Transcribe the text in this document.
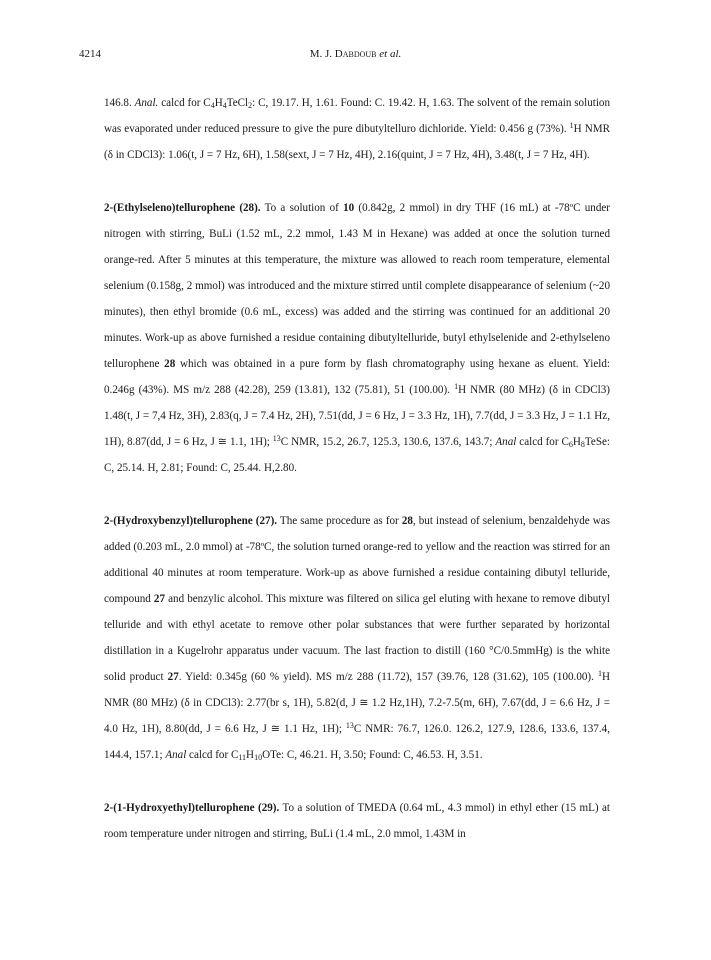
4214	M. J. Dabdoub et al.

146.8. Anal. calcd for $C_4H_4TeCl_2$: C, 19.17. H, 1.61. Found: C. 19.42. H, 1.63. The solvent of the remain solution was evaporated under reduced pressure to give the pure dibutyltelluro dichloride. Yield: 0.456 g (73%). $^1$H NMR (δ in CDCl3): 1.06(t, J = 7 Hz, 6H), 1.58(sext, J = 7 Hz, 4H), 2.16(quint, J = 7 Hz, 4H), 3.48(t, J = 7 Hz, 4H).

2-(Ethylseleno)tellurophene (28). To a solution of 10 (0.842g, 2 mmol) in dry THF (16 mL) at -78ºC under nitrogen with stirring, BuLi (1.52 mL, 2.2 mmol, 1.43 M in Hexane) was added at once the solution turned orange-red. After 5 minutes at this temperature, the mixture was allowed to reach room temperature, elemental selenium (0.158g, 2 mmol) was introduced and the mixture stirred until complete disappearance of selenium (~20 minutes), then ethyl bromide (0.6 mL, excess) was added and the stirring was continued for an additional 20 minutes. Work-up as above furnished a residue containing dibutyltelluride, butyl ethylselenide and 2-ethylseleno tellurophene 28 which was obtained in a pure form by flash chromatography using hexane as eluent. Yield: 0.246g (43%). MS m/z 288 (42.28), 259 (13.81), 132 (75.81), 51 (100.00). $^1$H NMR (80 MHz) (δ in CDCl3) 1.48(t, J = 7,4 Hz, 3H), 2.83(q, J = 7.4 Hz, 2H), 7.51(dd, J = 6 Hz, J = 3.3 Hz, 1H), 7.7(dd, J = 3.3 Hz, J = 1.1 Hz, 1H), 8.87(dd, J = 6 Hz, J ≅ 1.1, 1H); $^{13}$C NMR, 15.2, 26.7, 125.3, 130.6, 137.6, 143.7; Anal calcd for $C_6H_8TeSe$: C, 25.14. H, 2.81; Found: C, 25.44. H,2.80.

2-(Hydroxybenzyl)tellurophene (27). The same procedure as for 28, but instead of selenium, benzaldehyde was added (0.203 mL, 2.0 mmol) at -78ºC, the solution turned orange-red to yellow and the reaction was stirred for an additional 40 minutes at room temperature. Work-up as above furnished a residue containing dibutyl telluride, compound 27 and benzylic alcohol. This mixture was filtered on silica gel eluting with hexane to remove dibutyl telluride and with ethyl acetate to remove other polar substances that were further separated by horizontal distillation in a Kugelrohr apparatus under vacuum. The last fraction to distill (160 °C/0.5mmHg) is the white solid product 27. Yield: 0.345g (60 % yield). MS m/z 288 (11.72), 157 (39.76, 128 (31.62), 105 (100.00). $^1$H NMR (80 MHz) (δ in CDCl3): 2.77(br s, 1H), 5.82(d, J ≅ 1.2 Hz,1H), 7.2-7.5(m, 6H), 7.67(dd, J = 6.6 Hz, J = 4.0 Hz, 1H), 8.80(dd, J = 6.6 Hz, J ≅ 1.1 Hz, 1H); $^{13}$C NMR: 76.7, 126.0. 126.2, 127.9, 128.6, 133.6, 137.4, 144.4, 157.1; Anal calcd for $C_{11}H_{10}OTe$: C, 46.21. H, 3.50; Found: C, 46.53. H, 3.51.

2-(1-Hydroxyethyl)tellurophene (29). To a solution of TMEDA (0.64 mL, 4.3 mmol) in ethyl ether (15 mL) at room temperature under nitrogen and stirring, BuLi (1.4 mL, 2.0 mmol, 1.43M in
